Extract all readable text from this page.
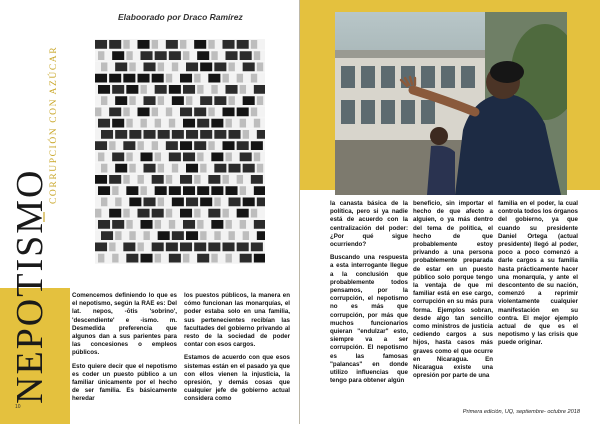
CORRUPCIÓN CON AZÚCAR
NEPOTISMO
Elaboorado por Draco Ramírez

Comencemos definiendo lo que es el nepotismo, según la RAE es: Del lat. nepos, -ōtis 'sobrino', 'descendiente' e -ismo. m. Desmedida preferencia que algunos dan a sus parientes para las concesiones o empleos públicos.

Esto quiere decir que el nepotismo es coder un puesto público a un familiar únicamente por el hecho de ser familia. Es básicamente heredar

los puestos públicos, la manera en cómo funcionan las monarquías, el poder estaba solo en una familia, sus pertenecientes recibían las facultades del gobierno privando al resto de la sociedad de poder contar con esos cargos.

Estamos de acuerdo con que esos sistemas están en el pasado ya que con ellos vienen la injusticia, la opresión, y demás cosas que cualquier jefe de gobierno actual considera como

10

la canasta básica de la política, pero si ya nadie está de acuerdo con la centralización del poder: ¿Por qué sigue ocurriendo?

Buscando una respuesta a esta interrogante llegue a la conclusión que probablemente todos pensamos, por la corrupción, el nepotismo no es más que corrupción, por más que muchos funcionarios quieran "endulzar" esto, siempre va a ser corrupción. El nepotismo es las famosas "palancas" en donde utilizo influencias que tengo para obtener algún

beneficio, sin importar el hecho de que afecto a alguien, o ya más dentro del tema de política, el hecho de que probablemente estoy privando a una persona probablemente preparada de estar en un puesto público solo porque tengo la ventaja de que mi familiar está en ese cargo, corrupción en su más pura forma. Ejemplos sobran, desde algo tan sencillo como ministros de justicia cediendo cargos a sus hijos, hasta casos más graves como el que ocurre en Nicaragua. En Nicaragua existe una opresión por parte de una

familia en el poder, la cual controla todos los órganos del gobierno, ya que cuando su presidente Daniel Ortega (actual presidente) llegó al poder, poco a poco comenzó a darle cargos a su familia hasta prácticamente hacer una monarquía, y ante el descontento de su nación, comenzó a reprimir violentamente cualquier manifestación en su contra. El mejor ejemplo actual de que es el nepotismo y las crisis que puede originar.

Primera edición, UQ, septiembre- octubre 2018
